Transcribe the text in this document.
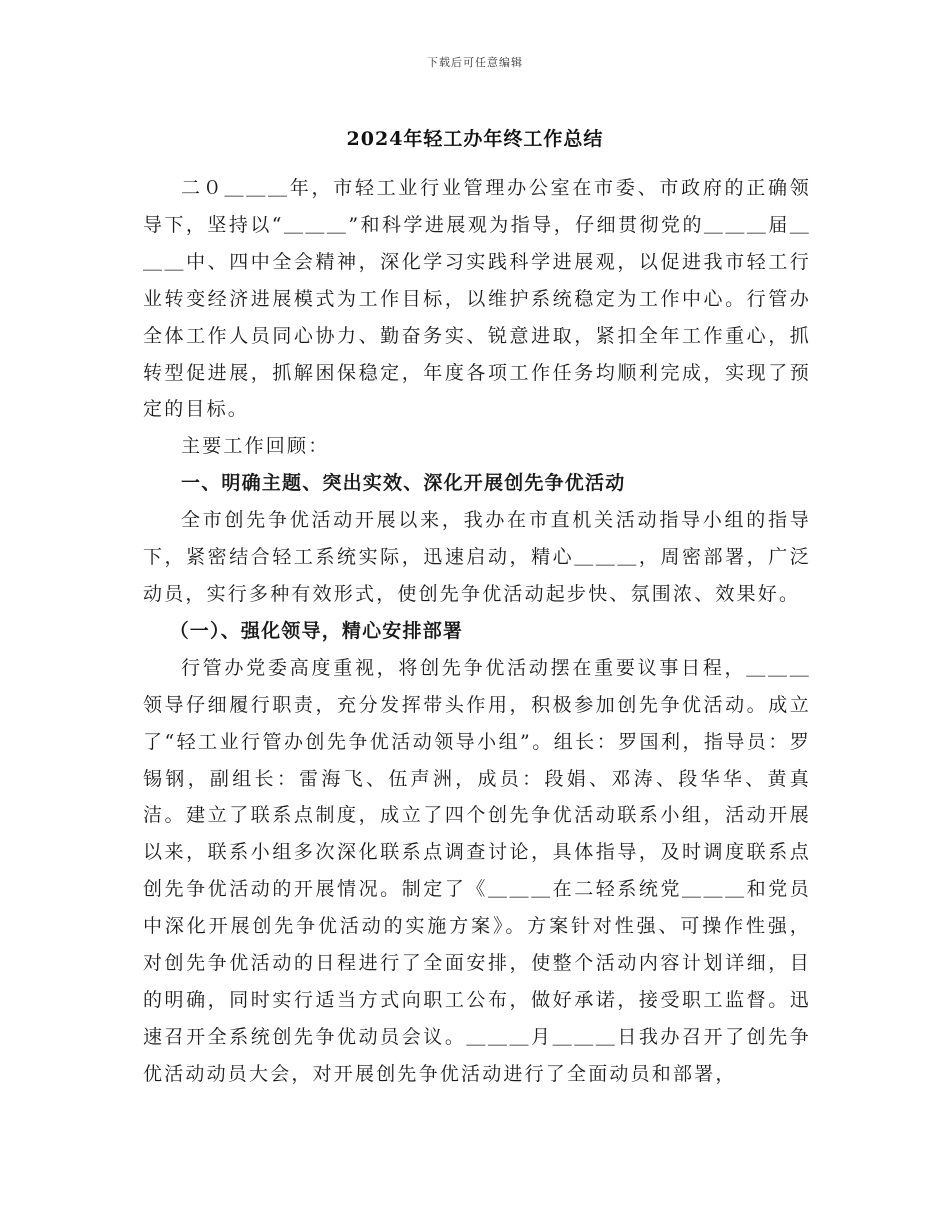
下载后可任意编辑
2024年轻工办年终工作总结

二０＿＿＿年，市轻工业行业管理办公室在市委、市政府的正确领导下，坚持以“＿＿＿”和科学进展观为指导，仔细贯彻党的＿＿＿届＿＿＿中、四中全会精神，深化学习实践科学进展观，以促进我市轻工行业转变经济进展模式为工作目标，以维护系统稳定为工作中心。行管办全体工作人员同心协力、勤奋务实、锐意进取，紧扣全年工作重心，抓转型促进展，抓解困保稳定，年度各项工作任务均顺利完成，实现了预定的目标。

主要工作回顾：

一、明确主题、突出实效、深化开展创先争优活动

全市创先争优活动开展以来，我办在市直机关活动指导小组的指导下，紧密结合轻工系统实际，迅速启动，精心＿＿＿，周密部署，广泛动员，实行多种有效形式，使创先争优活动起步快、氛围浓、效果好。

（一）、强化领导，精心安排部署

行管办党委高度重视，将创先争优活动摆在重要议事日程，＿＿＿领导仔细履行职责，充分发挥带头作用，积极参加创先争优活动。成立了“轻工业行管办创先争优活动领导小组”。组长：罗国利，指导员：罗锡钢，副组长：雷海飞、伍声洲，成员：段娟、邓涛、段华华、黄真洁。建立了联系点制度，成立了四个创先争优活动联系小组，活动开展以来，联系小组多次深化联系点调查讨论，具体指导，及时调度联系点创先争优活动的开展情况。制定了《＿＿＿在二轻系统党＿＿＿和党员中深化开展创先争优活动的实施方案》。方案针对性强、可操作性强，对创先争优活动的日程进行了全面安排，使整个活动内容计划详细，目的明确，同时实行适当方式向职工公布，做好承诺，接受职工监督。迅速召开全系统创先争优动员会议。＿＿＿月＿＿＿日我办召开了创先争优活动动员大会，对开展创先争优活动进行了全面动员和部署，
